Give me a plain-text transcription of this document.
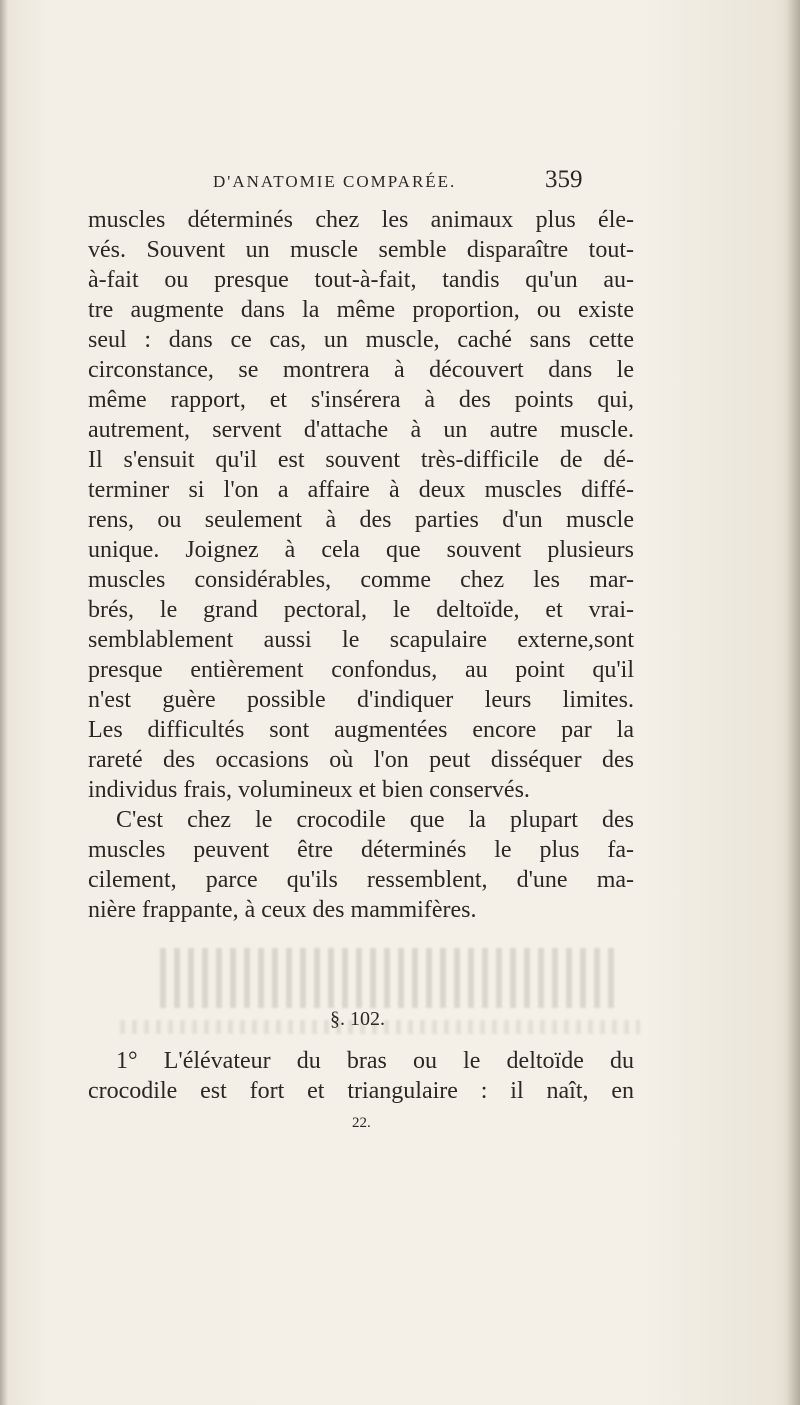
D'ANATOMIE COMPARÉE.	359
muscles déterminés chez les animaux plus éle-
vés. Souvent un muscle semble disparaître tout-
à-fait ou presque tout-à-fait, tandis qu'un au-
tre augmente dans la même proportion, ou existe
seul : dans ce cas, un muscle, caché sans cette
circonstance, se montrera à découvert dans le
même rapport, et s'insérera à des points qui,
autrement, servent d'attache à un autre muscle.
Il s'ensuit qu'il est souvent très-difficile de dé-
terminer si l'on a affaire à deux muscles diffé-
rens, ou seulement à des parties d'un muscle
unique. Joignez à cela que souvent plusieurs
muscles considérables, comme chez les mar-
brés, le grand pectoral, le deltoïde, et vrai-
semblablement aussi le scapulaire externe,sont
presque entièrement confondus, au point qu'il
n'est guère possible d'indiquer leurs limites.
Les difficultés sont augmentées encore par la
rareté des occasions où l'on peut disséquer des
individus frais, volumineux et bien conservés.
C'est chez le crocodile que la plupart des
muscles peuvent être déterminés le plus fa-
cilement, parce qu'ils ressemblent, d'une ma-
nière frappante, à ceux des mammifères.
§. 102.
1° L'élévateur du bras ou le deltoïde du
crocodile est fort et triangulaire : il naît, en
22.
